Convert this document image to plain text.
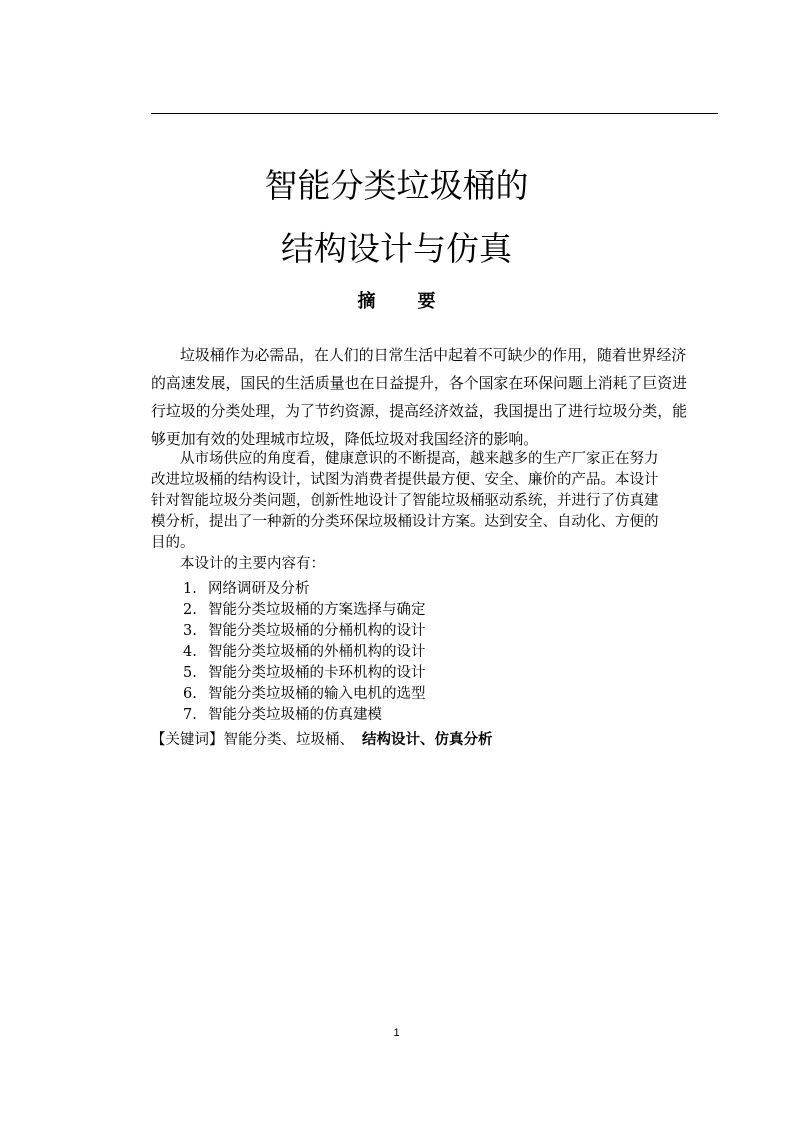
智能分类垃圾桶的
结构设计与仿真
摘 要
垃圾桶作为必需品，在人们的日常生活中起着不可缺少的作用，随着世界经济
的高速发展，国民的生活质量也在日益提升，各个国家在环保问题上消耗了巨资进
行垃圾的分类处理，为了节约资源，提高经济效益，我国提出了进行垃圾分类，能
够更加有效的处理城市垃圾，降低垃圾对我国经济的影响。
从市场供应的角度看，健康意识的不断提高，越来越多的生产厂家正在努力
改进垃圾桶的结构设计，试图为消费者提供最方便、安全、廉价的产品。本设计
针对智能垃圾分类问题，创新性地设计了智能垃圾桶驱动系统，并进行了仿真建
模分析，提出了一种新的分类环保垃圾桶设计方案。达到安全、自动化、方便的
目的。
本设计的主要内容有：
1. 网络调研及分析
2. 智能分类垃圾桶的方案选择与确定
3. 智能分类垃圾桶的分桶机构的设计
4. 智能分类垃圾桶的外桶机构的设计
5. 智能分类垃圾桶的卡环机构的设计
6. 智能分类垃圾桶的输入电机的选型
7. 智能分类垃圾桶的仿真建模
【关键词】智能分类、垃圾桶、 结构设计、仿真分析
1
